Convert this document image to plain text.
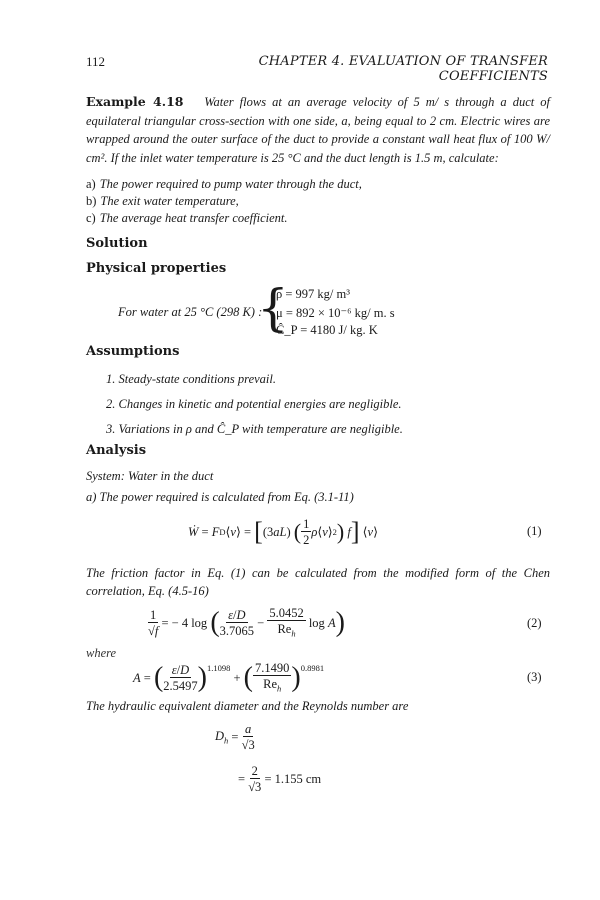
112	CHAPTER 4. EVALUATION OF TRANSFER COEFFICIENTS
Example 4.18 Water flows at an average velocity of 5 m/ s through a duct of equilateral triangular cross-section with one side, a, being equal to 2 cm. Electric wires are wrapped around the outer surface of the duct to provide a constant wall heat flux of 100 W/ cm². If the inlet water temperature is 25 °C and the duct length is 1.5 m, calculate:
a) The power required to pump water through the duct,
b) The exit water temperature,
c) The average heat transfer coefficient.
Solution
Physical properties
For water at 25 °C (298 K) :
{
ρ = 997 kg/ m³
μ = 892 × 10⁻⁶ kg/ m. s
Ĉ_P = 4180 J/ kg. K
Assumptions
1. Steady-state conditions prevail.
2. Changes in kinetic and potential energies are negligible.
3. Variations in ρ and Ĉ_P with temperature are negligible.
Analysis
System: Water in the duct
a) The power required is calculated from Eq. (3.1-11)
Ẇ = F D ⟨ v ⟩ = [ (3 aL ) ( $\frac{1}{2}$ ρ ⟨ v ⟩ 2 )
f ] ⟨ v ⟩	(1)
The friction factor in Eq. (1) can be calculated from the modified form of the Chen correlation, Eq. (4.5-16)
$\frac{1}{√f}$ = − 4 log ( $\frac{\varepsilon/D}{3.7065} - \frac{5.0452}{Re_h}$ log A )	(2)
where
A = ( $\frac{\varepsilon/D}{2.5497} )^{1.1098}$
+ ( $\frac{7.1490}{Re_h} )^{0.8981}$
(3)
The hydraulic equivalent diameter and the Reynolds number are
$D_h = \frac{a}{√3}$
= $\frac{2}{√3}$
= 1.155 cm
